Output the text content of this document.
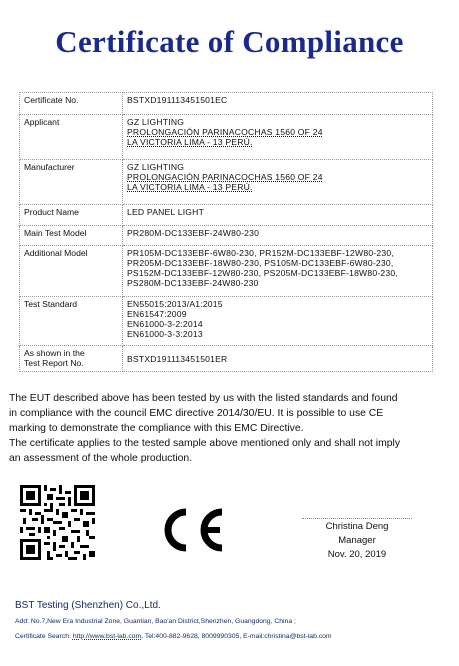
Certificate of Compliance
Certificate No.	BSTXD191113451501EC
Applicant	GZ LIGHTING
PROLONGACIÓN PARINACOCHAS 1560 OF 24
LA VICTORIA LIMA - 13 PERÚ.

Manufacturer	GZ LIGHTING
PROLONGACIÓN PARINACOCHAS 1560 OF 24
LA VICTORIA LIMA - 13 PERÚ.

Product Name	LED PANEL LIGHT
Main Test Model	PR280M-DC133EBF-24W80-230
Additional Model	PR105M-DC133EBF-6W80-230, PR152M-DC133EBF-12W80-230,
PR205M-DC133EBF-18W80-230, PS105M-DC133EBF-6W80-230,
PS152M-DC133EBF-12W80-230, PS205M-DC133EBF-18W80-230,
PS280M-DC133EBF-24W80-230

Test Standard	EN55015:2013/A1:2015
EN61547:2009
EN61000-3-2:2014
EN61000-3-3:2013

As shown in the
Test Report No.	BSTXD191113451501ER

The EUT described above has been tested by us with the listed standards and found

in compliance with the council EMC directive 2014/30/EU. It is possible to use CE

marking to demonstrate the compliance with this EMC Directive.

The certificate applies to the tested sample above mentioned only and shall not imply

an assessment of the whole production.

Christina Deng
Manager
Nov. 20, 2019
BST Testing (Shenzhen) Co.,Ltd.
Add: No.7,New Era Industrial Zone, Guantian, Bao'an District,Shenzhen, Guangdong, China ;
Certificate Search: http://www.bst-lab.com, Tel:400-882-9628, 8009990305, E-mail:christina@bst-lab.com
